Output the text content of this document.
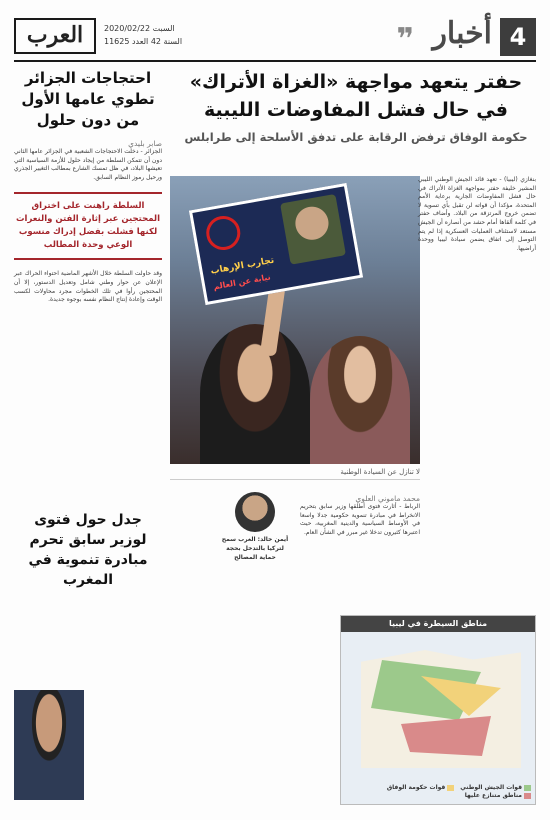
4
أخبار
❞
العرب	السبت 2020/02/22
السنة 42 العدد 11625
حفتر يتعهد مواجهة «الغزاة الأتراك» في حال فشل المفاوضات الليبية
حكومة الوفاق ترفض الرقابة على تدفق الأسلحة إلى طرابلس
احتجاجات الجزائر تطوي عامها الأول من دون حلول
صابر بليدي

الجزائر - دخلت الاحتجاجات الشعبية في الجزائر عامها الثاني دون أن تتمكن السلطة من إيجاد حلول للأزمة السياسية التي تعيشها البلاد، في ظل تمسك الشارع بمطالب التغيير الجذري ورحيل رموز النظام السابق.

السلطة راهنت على اختراق المحتجين عبر إثارة الفتن والنعرات لكنها فشلت بفضل إدراك منسوب الوعي وحدة المطالب

وقد حاولت السلطة خلال الأشهر الماضية احتواء الحراك عبر الإعلان عن حوار وطني شامل وتعديل الدستور، إلا أن المحتجين رأوا في تلك الخطوات مجرد محاولات لكسب الوقت وإعادة إنتاج النظام نفسه بوجوه جديدة.

تجارب الإرهاب
نيابة عن العالم
لا تنازل عن السيادة الوطنية

بنغازي (ليبيا) - تعهد قائد الجيش الوطني الليبي المشير خليفة حفتر بمواجهة الغزاة الأتراك في حال فشل المفاوضات الجارية برعاية الأمم المتحدة، مؤكدا أن قواته لن تقبل بأي تسوية لا تضمن خروج المرتزقة من البلاد. وأضاف حفتر في كلمة ألقاها أمام حشد من أنصاره أن الجيش مستعد لاستئناف العمليات العسكرية إذا لم يتم التوصل إلى اتفاق يضمن سيادة ليبيا ووحدة أراضيها.

جدل حول فتوى لوزير سابق تحرم مبادرة تنموية في المغرب
محمد ماموني العلوي

الرباط - أثارت فتوى أطلقها وزير سابق بتحريم الانخراط في مبادرة تنموية حكومية جدلا واسعا في الأوساط السياسية والدينية المغربية، حيث اعتبرها كثيرون تدخلا غير مبرر في الشأن العام.

أيمن خالد: الغرب سمح لتركيا بالتدخل بحجة حماية المصالح
مناطق السيطرة في ليبيا
قوات الجيش الوطني قوات حكومة الوفاق مناطق متنازع عليها
